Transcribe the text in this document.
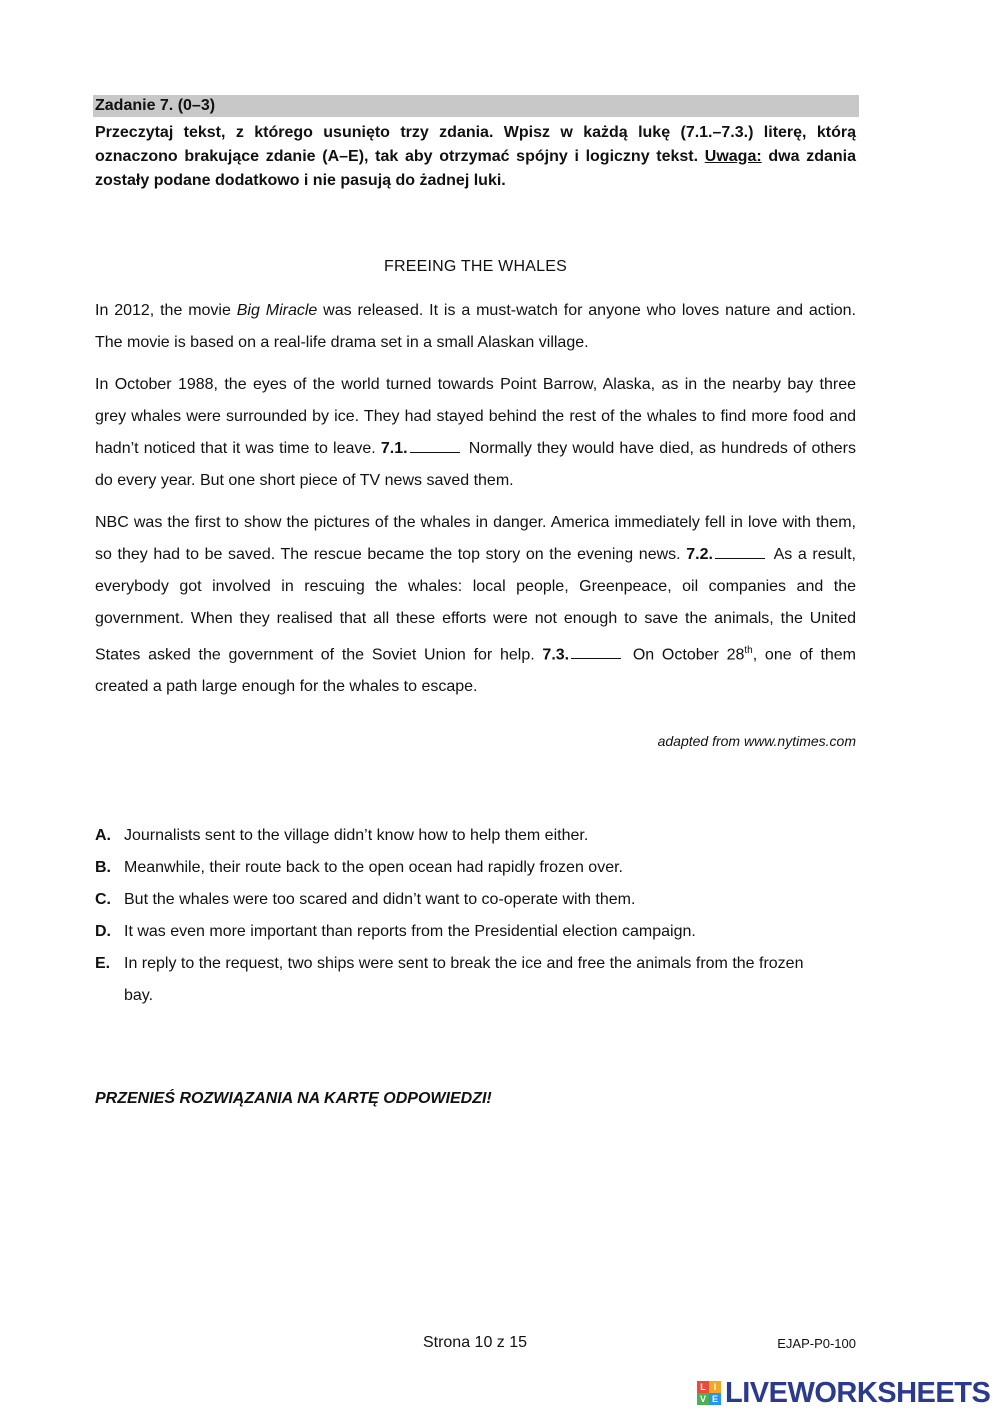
Zadanie 7. (0–3)
Przeczytaj tekst, z którego usunięto trzy zdania. Wpisz w każdą lukę (7.1.–7.3.) literę, którą oznaczono brakujące zdanie (A–E), tak aby otrzymać spójny i logiczny tekst. Uwaga: dwa zdania zostały podane dodatkowo i nie pasują do żadnej luki.
FREEING THE WHALES

In 2012, the movie Big Miracle was released. It is a must-watch for anyone who loves nature and action. The movie is based on a real-life drama set in a small Alaskan village.

In October 1988, the eyes of the world turned towards Point Barrow, Alaska, as in the nearby bay three grey whales were surrounded by ice. They had stayed behind the rest of the whales to find more food and hadn’t noticed that it was time to leave. 7.1.	Normally they would have died, as hundreds of others do every year. But one short piece of TV news saved them.

NBC was the first to show the pictures of the whales in danger. America immediately fell in love with them, so they had to be saved. The rescue became the top story on the evening news. 7.2.	As a result, everybody got involved in rescuing the whales: local people, Greenpeace, oil companies and the government. When they realised that all these efforts were not enough to save the animals, the United States asked the government of the Soviet Union for help. 7.3.	On October 28th, one of them created a path large enough for the whales to escape.

adapted from www.nytimes.com
A. Journalists sent to the village didn’t know how to help them either.
B. Meanwhile, their route back to the open ocean had rapidly frozen over.
C. But the whales were too scared and didn’t want to co-operate with them.
D. It was even more important than reports from the Presidential election campaign.
E. In reply to the request, two ships were sent to break the ice and free the animals from the frozen bay.
PRZENIEŚ ROZWIĄZANIA NA KARTĘ ODPOWIEDZI!
Strona 10 z 15	EJAP-P0-100
L I
V E LIVEWORKSHEETS
